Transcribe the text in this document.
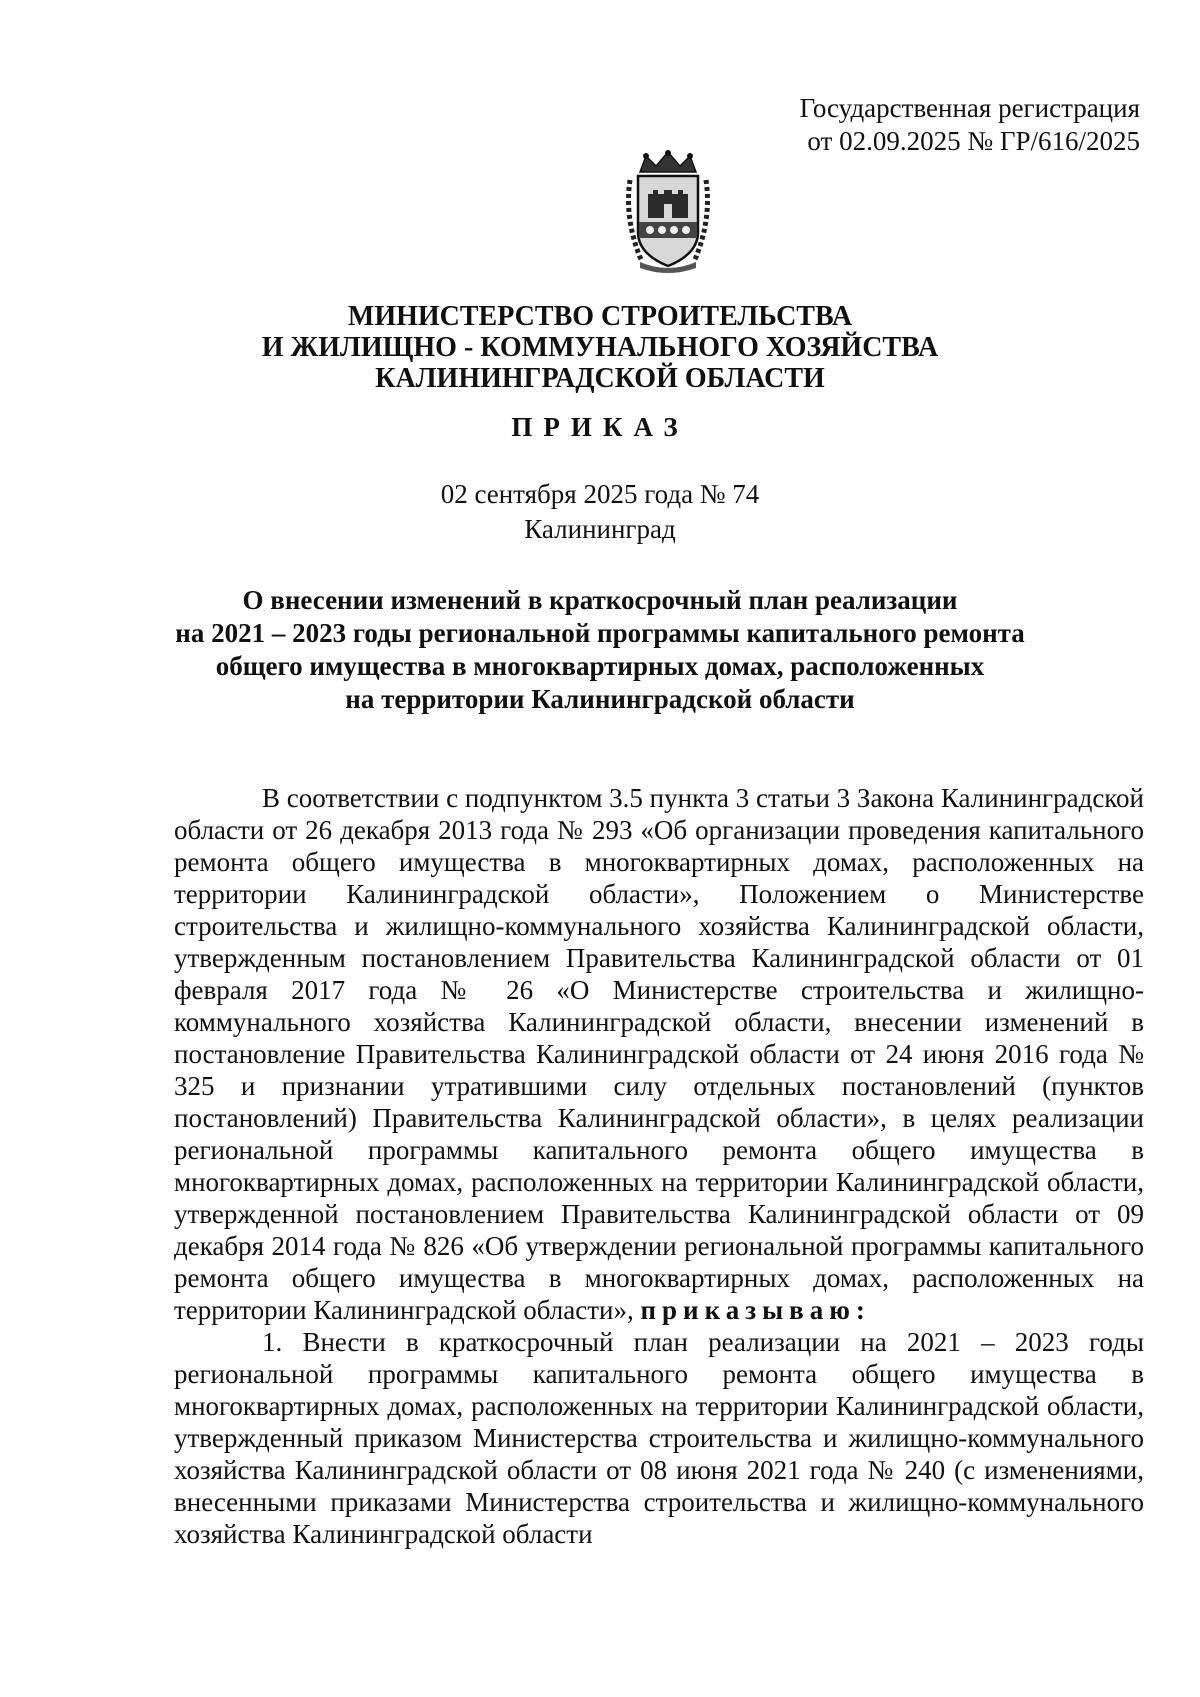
Государственная регистрация
от 02.09.2025 № ГР/616/2025
МИНИСТЕРСТВО СТРОИТЕЛЬСТВА
И ЖИЛИЩНО - КОММУНАЛЬНОГО ХОЗЯЙСТВА
КАЛИНИНГРАДСКОЙ ОБЛАСТИ
ПРИКАЗ
02 сентября 2025 года № 74
Калининград
О внесении изменений в краткосрочный план реализации
на 2021 – 2023 годы региональной программы капитального ремонта
общего имущества в многоквартирных домах, расположенных
на территории Калининградской области

В соответствии с подпунктом 3.5 пункта 3 статьи 3 Закона Калининградской области от 26 декабря 2013 года № 293 «Об организации проведения капитального ремонта общего имущества в многоквартирных домах, расположенных на территории Калининградской области», Положением о Министерстве строительства и жилищно-коммунального хозяйства Калининградской области, утвержденным постановлением Правительства Калининградской области от 01 февраля 2017 года № 26 «О Министерстве строительства и жилищно-коммунального хозяйства Калининградской области, внесении изменений в постановление Правительства Калининградской области от 24 июня 2016 года № 325 и признании утратившими силу отдельных постановлений (пунктов постановлений) Правительства Калининградской области», в целях реализации региональной программы капитального ремонта общего имущества в многоквартирных домах, расположенных на территории Калининградской области, утвержденной постановлением Правительства Калининградской области от 09 декабря 2014 года № 826 «Об утверждении региональной программы капитального ремонта общего имущества в многоквартирных домах, расположенных на территории Калининградской области», приказываю:

1. Внести в краткосрочный план реализации на 2021 – 2023 годы региональной программы капитального ремонта общего имущества в многоквартирных домах, расположенных на территории Калининградской области, утвержденный приказом Министерства строительства и жилищно-коммунального хозяйства Калининградской области от 08 июня 2021 года № 240 (с изменениями, внесенными приказами Министерства строительства и жилищно-коммунального хозяйства Калининградской области
